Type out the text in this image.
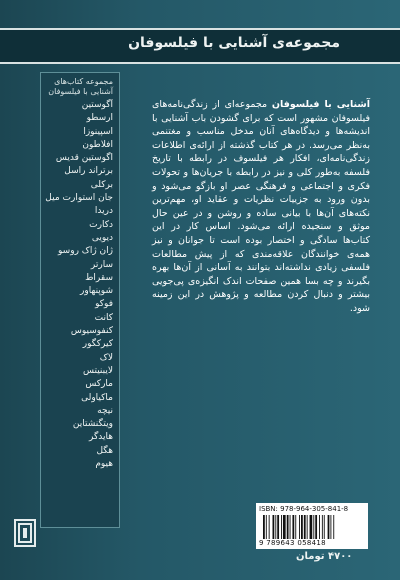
مجموعه‌ی آشنایی با فیلسوفان
مجموعه کتاب‌های آشنایی با فیلسوفان
آگوستین
ارسطو
اسپینوزا
افلاطون
اگوستین قدیس
برتراند راسل
برکلی
جان استوارت میل
دریدا
دکارت
دیویی
ژان ژاک روسو
سارتر
سقراط
شوپنهاور
فوکو
کانت
کنفوسیوس
کیرکگور
لاک
لایبنیتس
مارکس
ماکیاولی
نیچه
ویتگنشتاین
هایدگر
هگل
هیوم
آشنایی با فیلسوفان مجموعه‌ای از زندگی‌نامه‌های فیلسوفان مشهور است که برای گشودن باب آشنایی با اندیشه‌ها و دیدگاه‌های آنان مدخل مناسب و مغتنمی به‌نظر می‌رسد. در هر کتاب گذشته از ارائه‌ی اطلاعات زندگی‌نامه‌ای، افکار هر فیلسوف در رابطه با تاریخ فلسفه به‌طور کلی و نیز در رابطه با جریان‌ها و تحولات فکری و اجتماعی و فرهنگی عصر او بازگو می‌شود و بدون ورود به جزییات نظریات و عقاید او، مهم‌ترین نکته‌های آن‌ها با بیانی ساده و روشن و در عین حال موثق و سنجیده ارائه می‌شود. اساس کار در این کتاب‌ها سادگی و اختصار بوده است تا جوانان و نیز همه‌ی خوانندگان علاقه‌مندی که از پیش مطالعات فلسفی زیادی نداشته‌اند بتوانند به آسانی از آن‌ها بهره بگیرند و چه بسا همین صفحات اندک انگیزه‌ی پی‌جویی بیشتر و دنبال کردن مطالعه و پژوهش در این زمینه شود.
ISBN: 978-964-305-841-8
9 789643 058418
۴۷۰۰ تومان
